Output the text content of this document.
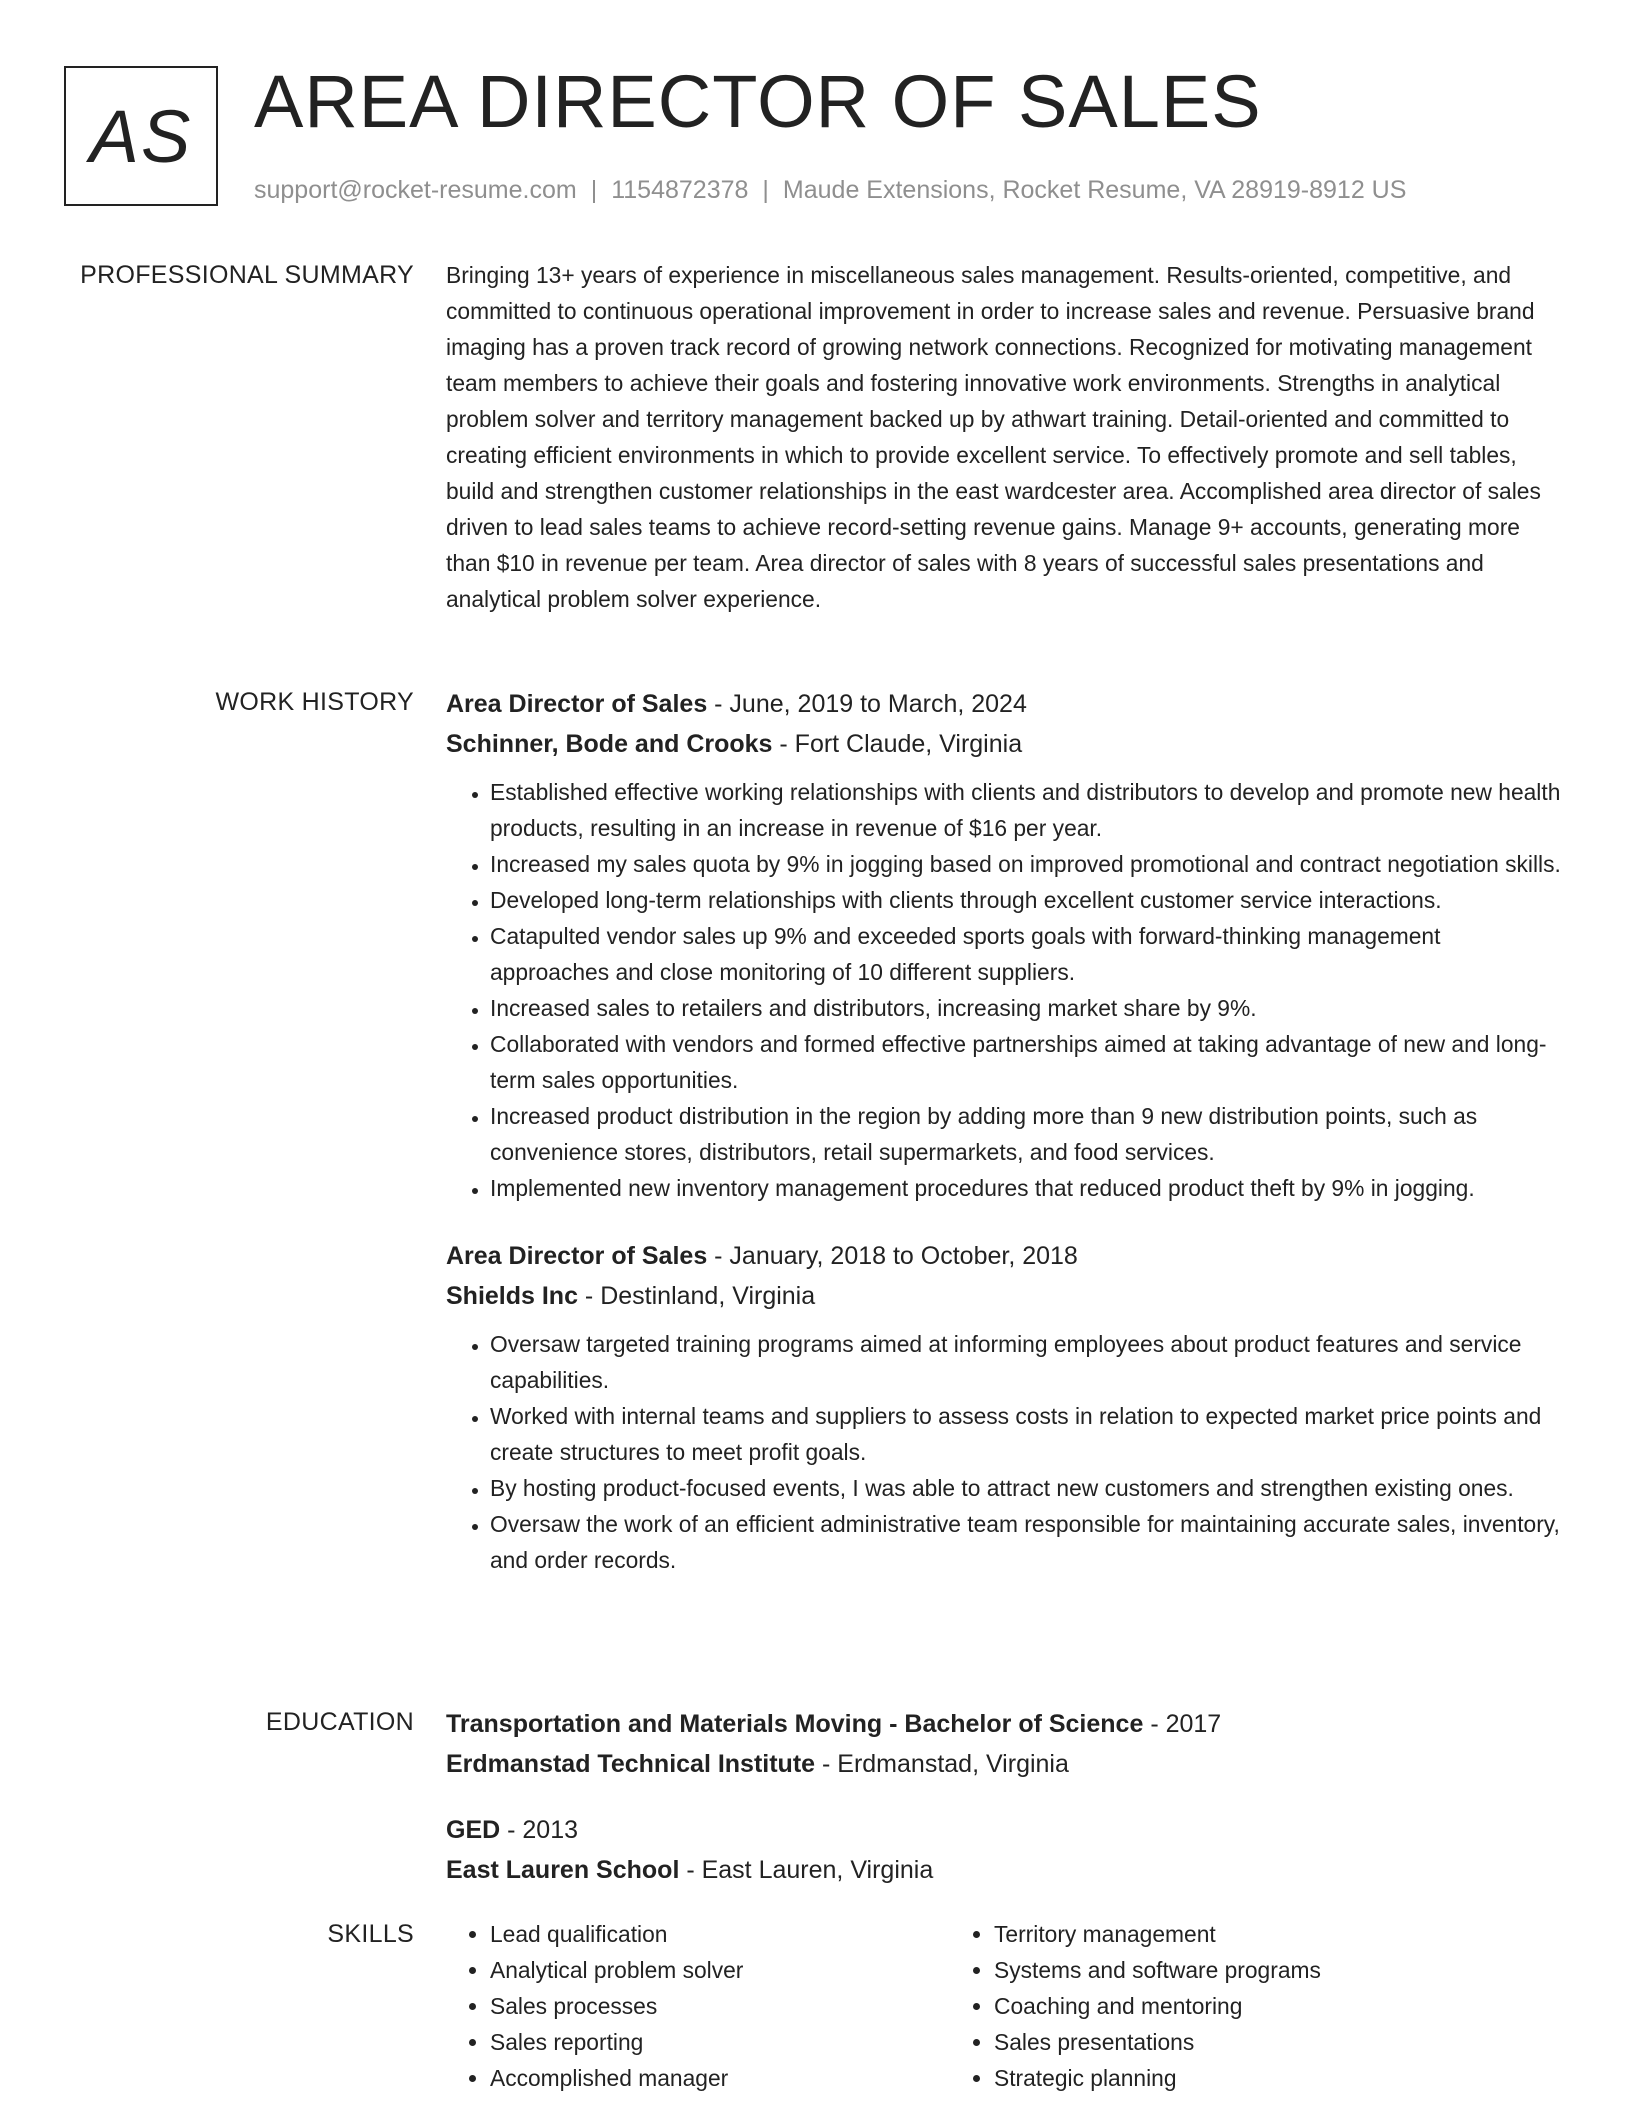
AS AREA DIRECTOR OF SALES
support@rocket-resume.com | 1154872378 | Maude Extensions, Rocket Resume, VA 28919-8912 US
PROFESSIONAL SUMMARY Bringing 13+ years of experience in miscellaneous sales management. Results-oriented, competitive, and committed to continuous operational improvement in order to increase sales and revenue. Persuasive brand imaging has a proven track record of growing network connections. Recognized for motivating management team members to achieve their goals and fostering innovative work environments. Strengths in analytical problem solver and territory management backed up by athwart training. Detail-oriented and committed to creating efficient environments in which to provide excellent service. To effectively promote and sell tables, build and strengthen customer relationships in the east wardcester area. Accomplished area director of sales driven to lead sales teams to achieve record-setting revenue gains. Manage 9+ accounts, generating more than $10 in revenue per team. Area director of sales with 8 years of successful sales presentations and analytical problem solver experience.

WORK HISTORY Area Director of Sales - June, 2019 to March, 2024
Schinner, Bode and Crooks - Fort Claude, Virginia
• Established effective working relationships with clients and distributors to develop and promote new health products, resulting in an increase in revenue of $16 per year.
• Increased my sales quota by 9% in jogging based on improved promotional and contract negotiation skills.
• Developed long-term relationships with clients through excellent customer service interactions.
• Catapulted vendor sales up 9% and exceeded sports goals with forward-thinking management approaches and close monitoring of 10 different suppliers.
• Increased sales to retailers and distributors, increasing market share by 9%.
• Collaborated with vendors and formed effective partnerships aimed at taking advantage of new and long-term sales opportunities.
• Increased product distribution in the region by adding more than 9 new distribution points, such as convenience stores, distributors, retail supermarkets, and food services.
• Implemented new inventory management procedures that reduced product theft by 9% in jogging.
Area Director of Sales - January, 2018 to October, 2018
Shields Inc - Destinland, Virginia
• Oversaw targeted training programs aimed at informing employees about product features and service capabilities.
• Worked with internal teams and suppliers to assess costs in relation to expected market price points and create structures to meet profit goals.
• By hosting product-focused events, I was able to attract new customers and strengthen existing ones.
• Oversaw the work of an efficient administrative team responsible for maintaining accurate sales, inventory, and order records.
EDUCATION Transportation and Materials Moving - Bachelor of Science - 2017
Erdmanstad Technical Institute - Erdmanstad, Virginia
GED - 2013
East Lauren School - East Lauren, Virginia
SKILLS
•	Lead qualification
• Analytical problem solver
• Sales processes
• Sales reporting
• Accomplished manager
• Territory management
• Systems and software programs
• Coaching and mentoring
• Sales presentations
• Strategic planning
